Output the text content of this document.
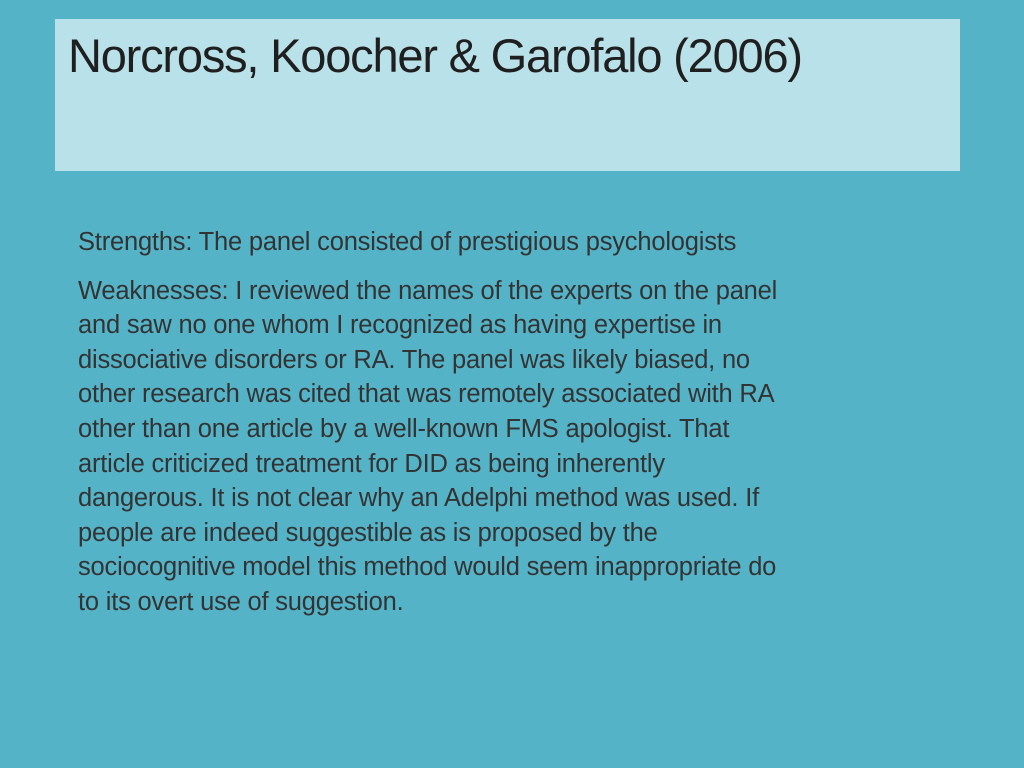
Norcross, Koocher & Garofalo (2006)

Strengths: The panel consisted of prestigious psychologists

Weaknesses: I reviewed the names of the experts on the panel
and saw no one whom I recognized as having expertise in
dissociative disorders or RA. The panel was likely biased, no
other research was cited that was remotely associated with RA
other than one article by a well-known FMS apologist. That
article criticized treatment for DID as being inherently
dangerous. It is not clear why an Adelphi method was used. If
people are indeed suggestible as is proposed by the
sociocognitive model this method would seem inappropriate do
to its overt use of suggestion.
